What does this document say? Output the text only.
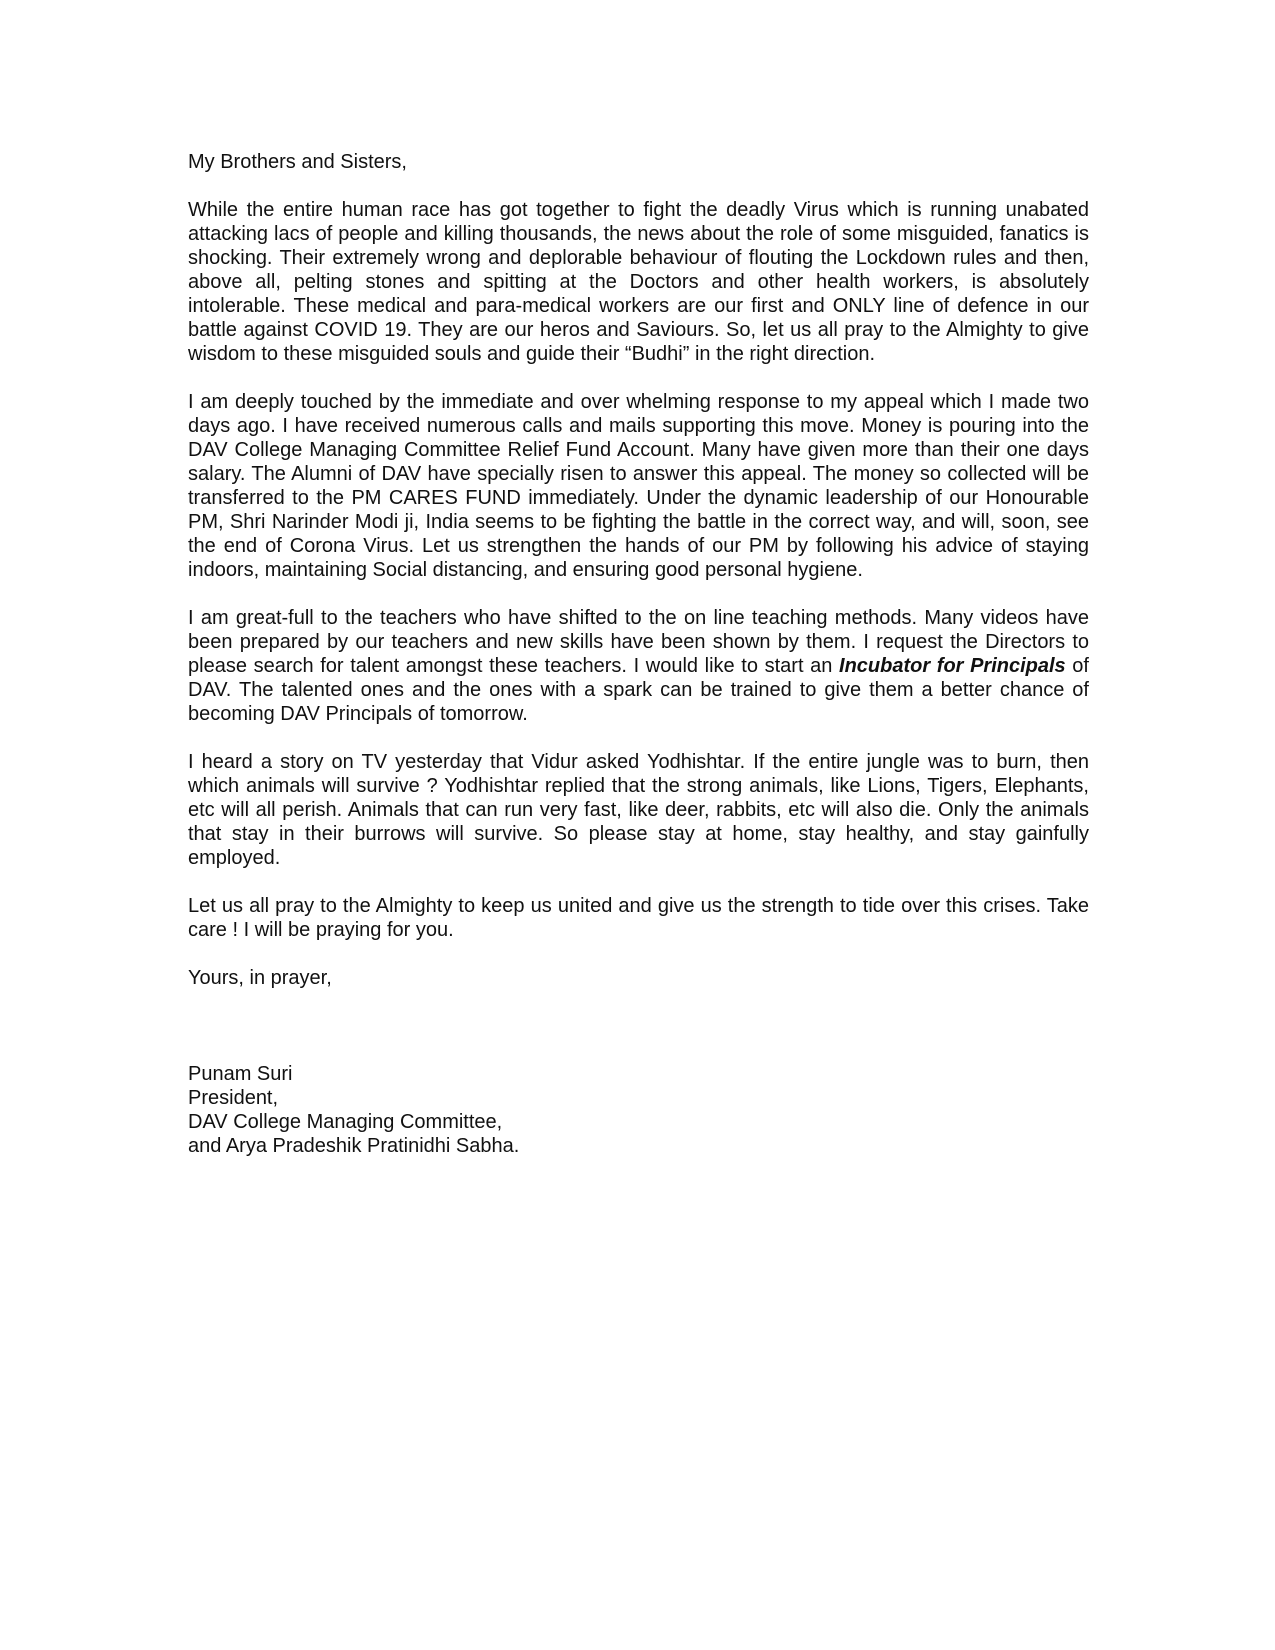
My Brothers and Sisters,

While the entire human race has got together to fight the deadly Virus which is running unabated attacking lacs of people and killing thousands, the news about the role of some misguided, fanatics is shocking. Their extremely wrong and deplorable behaviour of flouting the Lockdown rules and then, above all, pelting stones and spitting at the Doctors and other health workers, is absolutely intolerable. These medical and para-medical workers are our first and ONLY line of defence in our battle against COVID 19. They are our heros and Saviours. So, let us all pray to the Almighty to give wisdom to these misguided souls and guide their “Budhi” in the right direction.

I am deeply touched by the immediate and over whelming response to my appeal which I made two days ago. I have received numerous calls and mails supporting this move. Money is pouring into the DAV College Managing Committee Relief Fund Account. Many have given more than their one days salary. The Alumni of DAV have specially risen to answer this appeal. The money so collected will be transferred to the PM CARES FUND immediately. Under the dynamic leadership of our Honourable PM, Shri Narinder Modi ji, India seems to be fighting the battle in the correct way, and will, soon, see the end of Corona Virus. Let us strengthen the hands of our PM by following his advice of staying indoors, maintaining Social distancing, and ensuring good personal hygiene.

I am great-full to the teachers who have shifted to the on line teaching methods. Many videos have been prepared by our teachers and new skills have been shown by them. I request the Directors to please search for talent amongst these teachers. I would like to start an Incubator for Principals of DAV. The talented ones and the ones with a spark can be trained to give them a better chance of becoming DAV Principals of tomorrow.

I heard a story on TV yesterday that Vidur asked Yodhishtar. If the entire jungle was to burn, then which animals will survive ? Yodhishtar replied that the strong animals, like Lions, Tigers, Elephants, etc will all perish. Animals that can run very fast, like deer, rabbits, etc will also die. Only the animals that stay in their burrows will survive. So please stay at home, stay healthy, and stay gainfully employed.

Let us all pray to the Almighty to keep us united and give us the strength to tide over this crises. Take care ! I will be praying for you.

Yours, in prayer,

Punam Suri
President,
DAV College Managing Committee,
and Arya Pradeshik Pratinidhi Sabha.
